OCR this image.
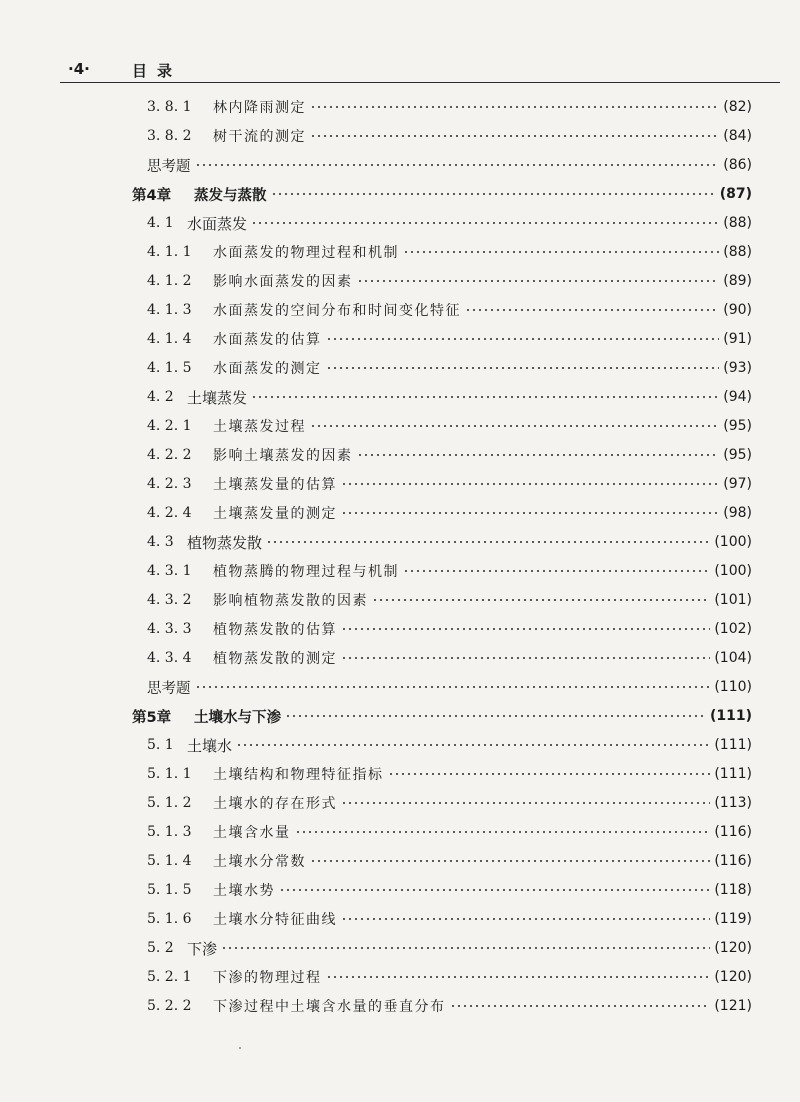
·4·	目录
3. 8. 1	林内降雨测定	(82)
3. 8. 2	树干流的测定	(84)
思考题	(86)
第4章	蒸发与蒸散	(87)
4. 1 水面蒸发	(88)
4. 1. 1	水面蒸发的物理过程和机制	(88)
4. 1. 2	影响水面蒸发的因素	(89)
4. 1. 3	水面蒸发的空间分布和时间变化特征	(90)
4. 1. 4	水面蒸发的估算	(91)
4. 1. 5	水面蒸发的测定	(93)
4. 2 土壤蒸发	(94)
4. 2. 1	土壤蒸发过程	(95)
4. 2. 2	影响土壤蒸发的因素	(95)
4. 2. 3	土壤蒸发量的估算	(97)
4. 2. 4	土壤蒸发量的测定	(98)
4. 3 植物蒸发散	(100)
4. 3. 1	植物蒸腾的物理过程与机制	(100)
4. 3. 2	影响植物蒸发散的因素	(101)
4. 3. 3	植物蒸发散的估算	(102)
4. 3. 4	植物蒸发散的测定	(104)
思考题	(110)
第5章	土壤水与下渗	(111)
5. 1 土壤水	(111)
5. 1. 1	土壤结构和物理特征指标	(111)
5. 1. 2	土壤水的存在形式	(113)
5. 1. 3	土壤含水量	(116)
5. 1. 4	土壤水分常数	(116)
5. 1. 5	土壤水势	(118)
5. 1. 6	土壤水分特征曲线	(119)
5. 2 下渗	(120)
5. 2. 1	下渗的物理过程	(120)
5. 2. 2	下渗过程中土壤含水量的垂直分布	(121)
